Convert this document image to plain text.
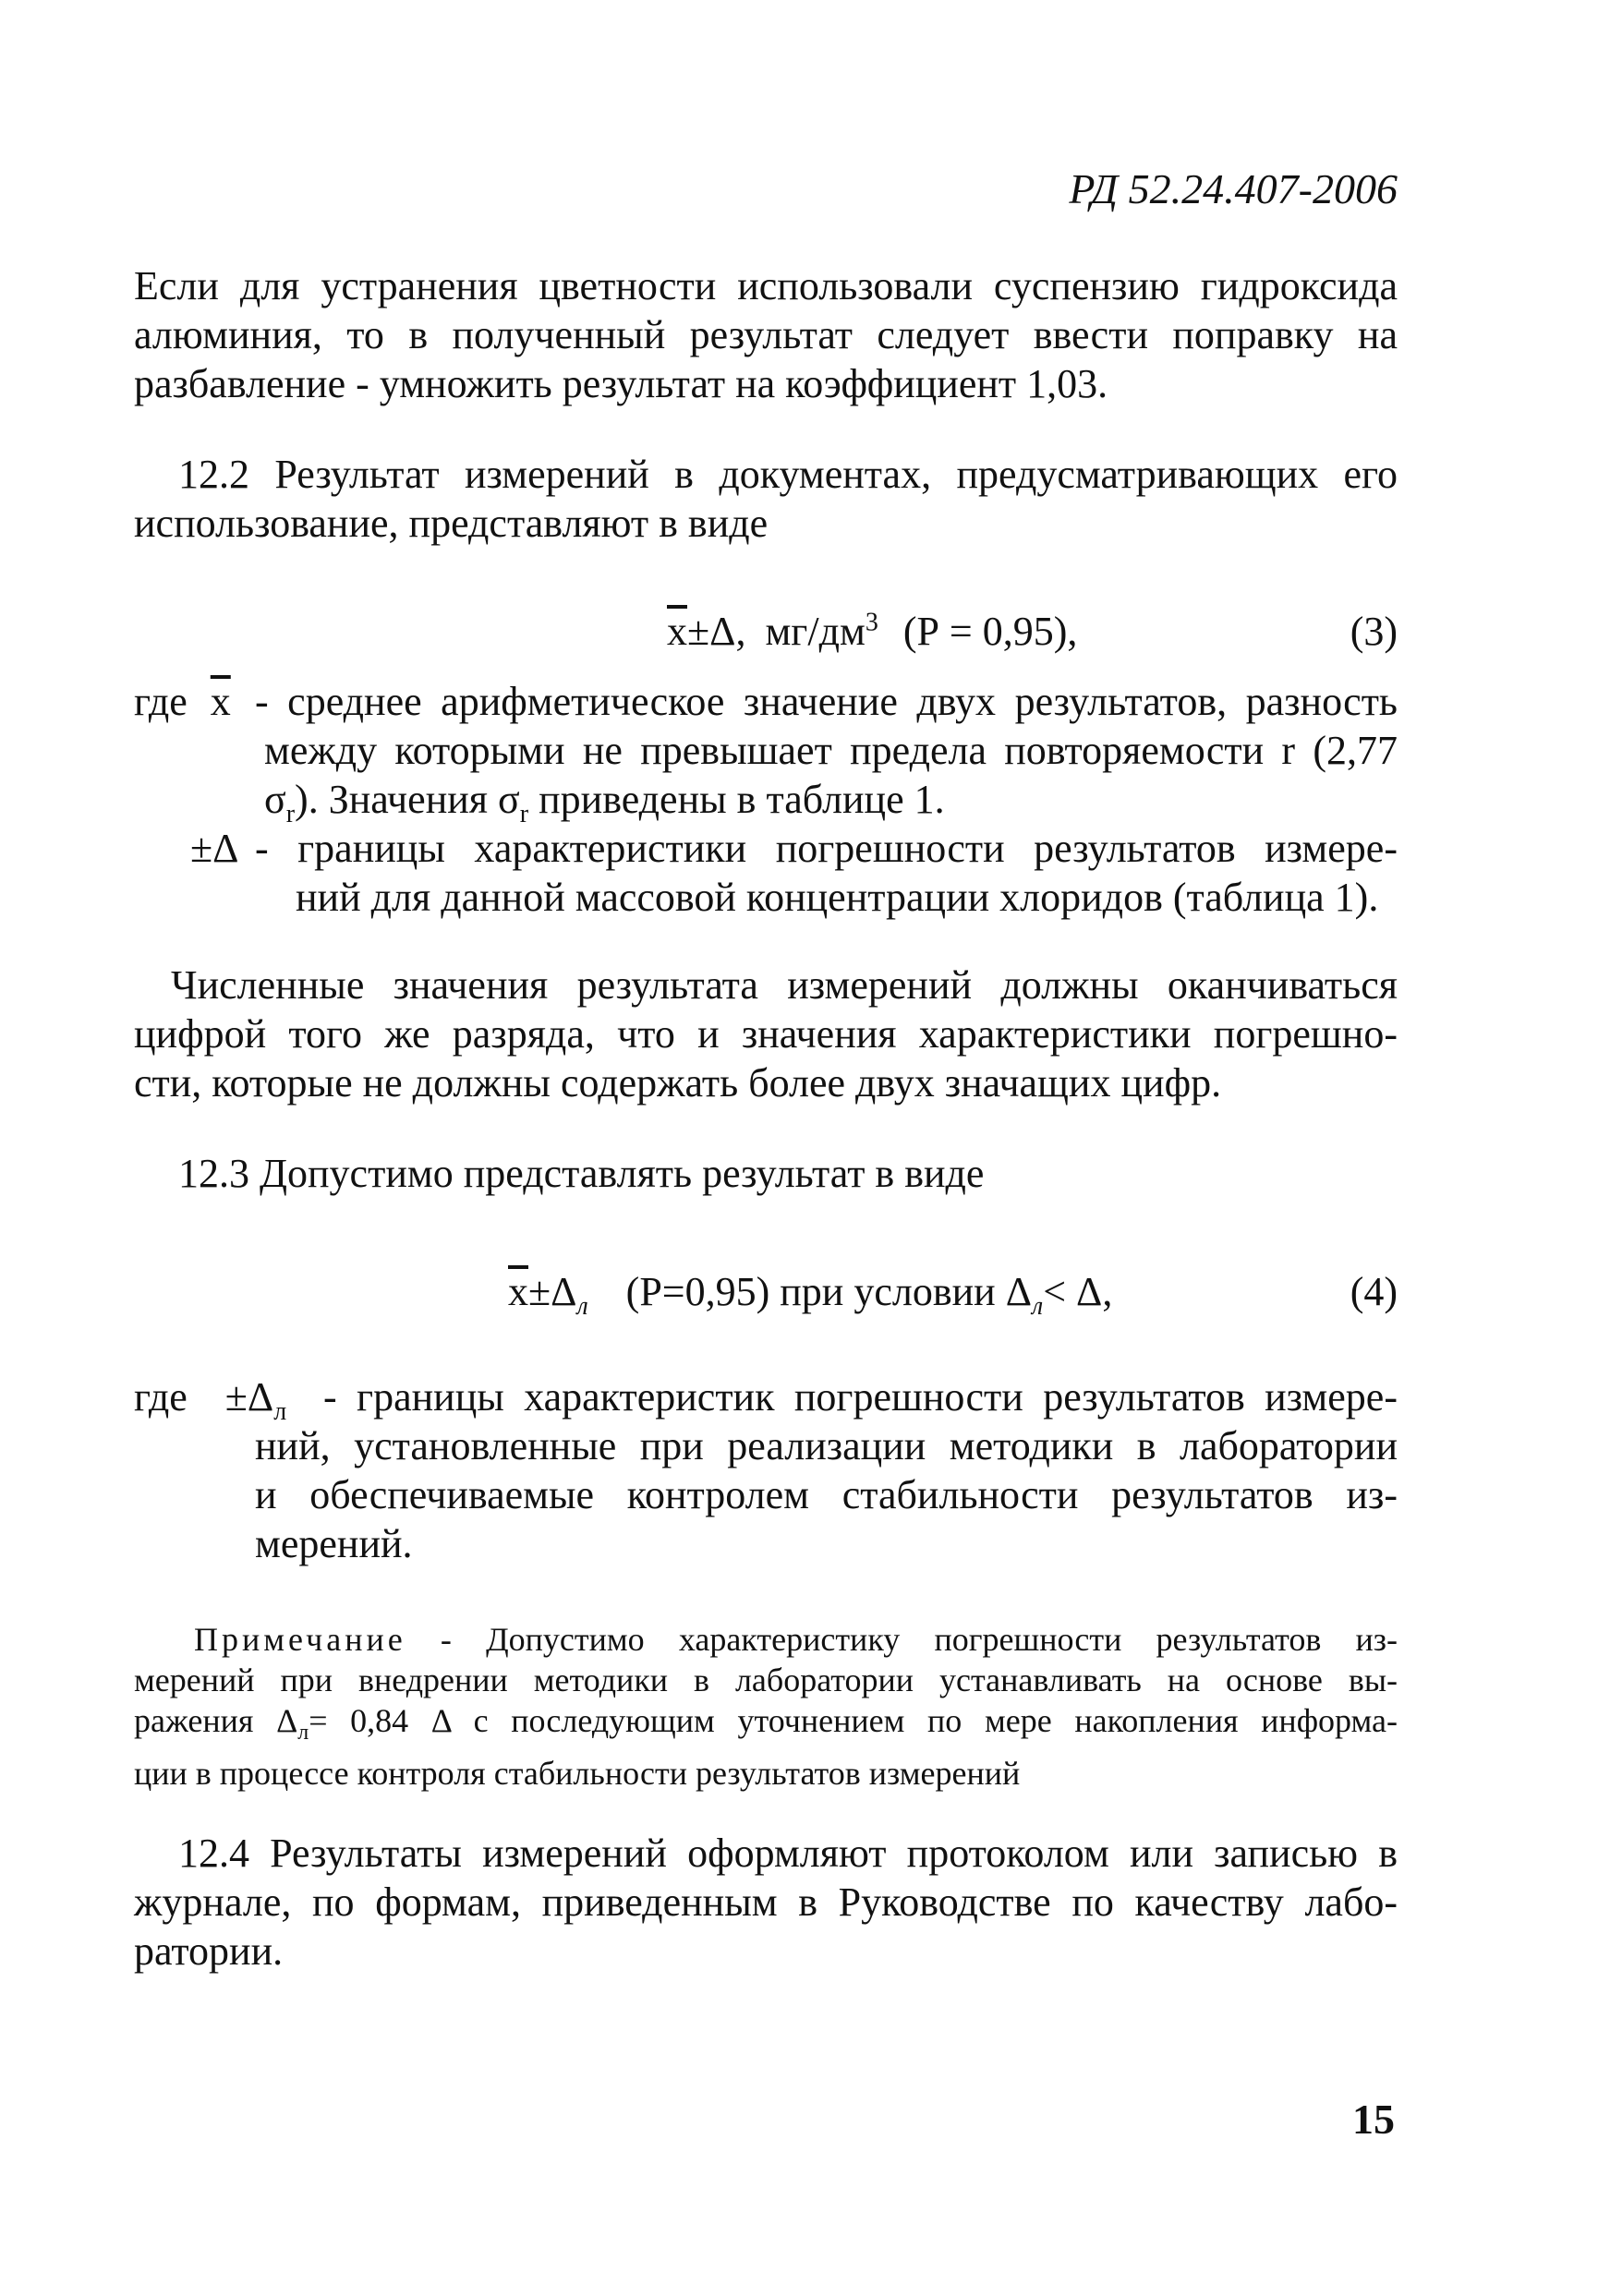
РД 52.24.407-2006
Если для устранения цветности использовали суспензию гидроксида
алюминия, то в полученный результат следует ввести поправку на
разбавление - умножить результат на коэффициент 1,03.
12.2 Результат измерений в документах, предусматривающих его
использование, представляют в виде
$\overline{x}\pm\Delta$, $мг/дм^3$ (Р = 0,95),	(3)
где $\overline{x}$ - среднее арифметическое значение двух результатов, разность
между которыми не превышает предела повторяемости r (2,77
$\sigma_r$). Значения $\sigma_r$ приведены в таблице 1.
±Δ - границы характеристики погрешности результатов измере-
ний для данной массовой концентрации хлоридов (таблица 1).
Численные значения результата измерений должны оканчиваться
цифрой того же разряда, что и значения характеристики погрешно-
сти, которые не должны содержать более двух значащих цифр.
12.3 Допустимо представлять результат в виде
$\overline{x}\pm\Delta_л$ (Р=0,95) при условии $\Delta_л< \Delta$,	(4)
где $\pm\Delta_л$ - границы характеристик погрешности результатов измере-
ний, установленные при реализации методики в лаборатории
и обеспечиваемые контролем стабильности результатов из-
мерений.
Примечание - Допустимо характеристику погрешности результатов из-
мерений при внедрении методики в лаборатории устанавливать на основе вы-
ражения $\Delta_л= 0,84$ Δ с последующим уточнением по мере накопления информа-
ции в процессе контроля стабильности результатов измерений
12.4 Результаты измерений оформляют протоколом или записью в
журнале, по формам, приведенным в Руководстве по качеству лабо-
ратории.
15
